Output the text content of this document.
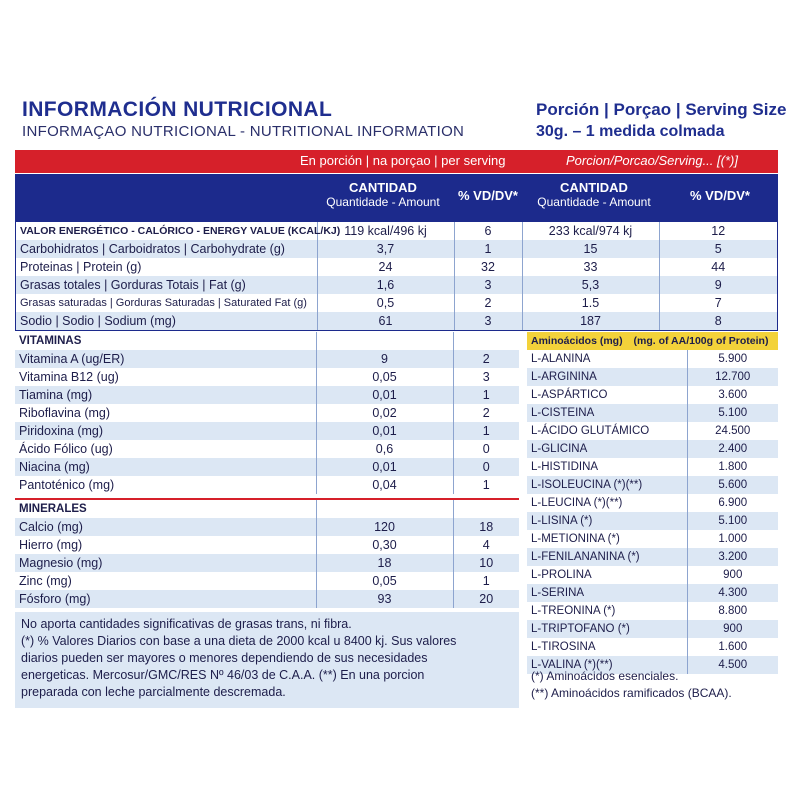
INFORMACIÓN NUTRICIONAL
INFORMAÇAO NUTRICIONAL - NUTRITIONAL INFORMATION
Porción | Porçao | Serving Size
30g. – 1 medida colmada
En porción | na porçao | per serving	Porcion/Porcao/Serving... [(*)]
CANTIDAD
Quantidade - Amount	% VD/DV*
CANTIDAD
Quantidade - Amount	% VD/DV*
VALOR ENERGÉTICO - CALÓRICO - ENERGY VALUE (KCAL/KJ)	119 kcal/496 kj	6	233 kcal/974 kj	12
Carbohidratos | Carboidratos | Carbohydrate (g)	3,7	1	15	5
Proteinas | Protein (g)	24	32	33	44
Grasas totales | Gorduras Totais | Fat (g)	1,6	3	5,3	9
Grasas saturadas | Gorduras Saturadas | Saturated Fat (g)	0,5	2	1.5	7
Sodio | Sodio | Sodium (mg)	61	3	187	8
VITAMINAS		
Vitamina A (ug/ER)	9	2
Vitamina B12 (ug)	0,05	3
Tiamina (mg)	0,01	1
Riboflavina (mg)	0,02	2
Piridoxina (mg)	0,01	1
Ácido Fólico (ug)	0,6	0
Niacina (mg)	0,01	0
Pantoténico (mg)	0,04	1
MINERALES		
Calcio (mg)	120	18
Hierro (mg)	0,30	4
Magnesio (mg)	18	10
Zinc (mg)	0,05	1
Fósforo (mg)	93	20
Aminoácidos (mg) (mg. of AA/100g of Protein)
L-ALANINA	5.900
L-ARGININA	12.700
L-ASPÁRTICO	3.600
L-CISTEINA	5.100
L-ÁCIDO GLUTÁMICO	24.500
L-GLICINA	2.400
L-HISTIDINA	1.800
L-ISOLEUCINA (*)(**)	5.600
L-LEUCINA (*)(**)	6.900
L-LISINA (*)	5.100
L-METIONINA (*)	1.000
L-FENILANANINA (*)	3.200
L-PROLINA	900
L-SERINA	4.300
L-TREONINA (*)	8.800
L-TRIPTOFANO (*)	900
L-TIROSINA	1.600
L-VALINA (*)(**)	4.500
(*) Aminoácidos esenciales.
(**) Aminoácidos ramificados (BCAA).
No aporta cantidades significativas de grasas trans, ni fibra.
(*) % Valores Diarios con base a una dieta de 2000 kcal u 8400 kj. Sus valores
diarios pueden ser mayores o menores dependiendo de sus necesidades
energeticas. Mercosur/GMC/RES Nº 46/03 de C.A.A. (**) En una porcion
preparada con leche parcialmente descremada.
